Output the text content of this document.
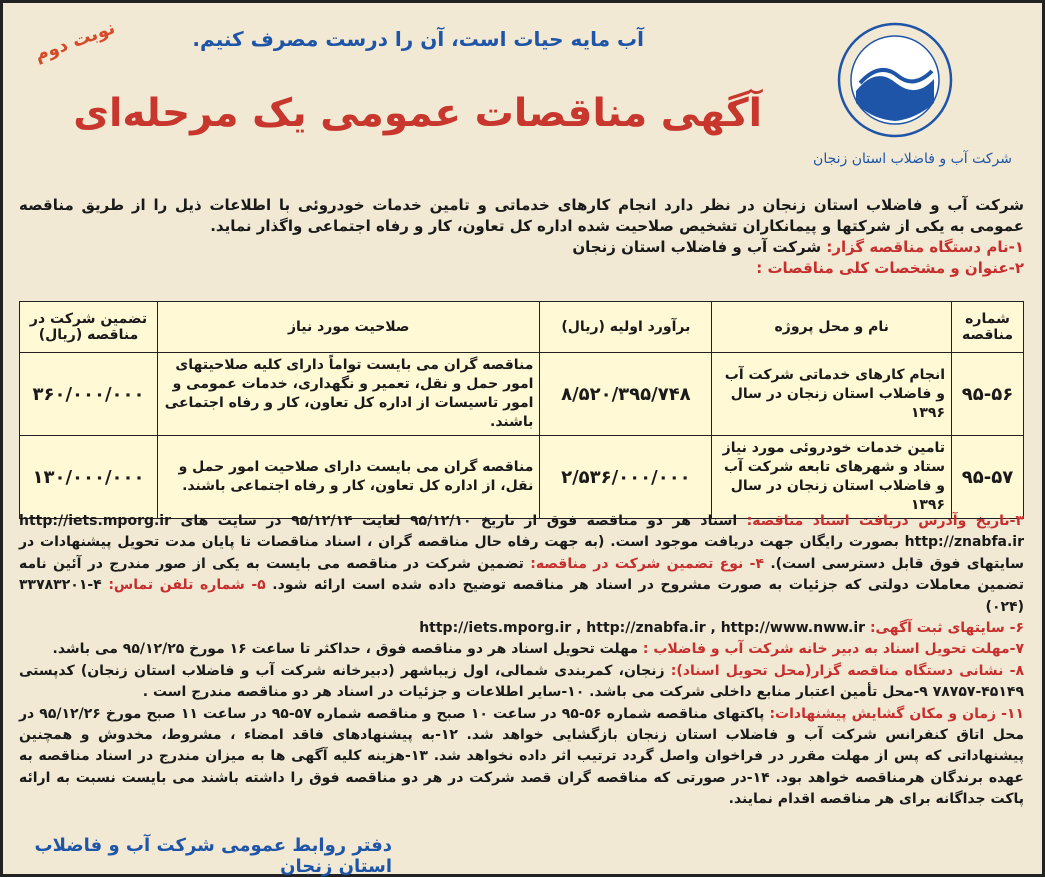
آب مایه حیات است، آن را درست مصرف کنیم.
نوبت دوم
آگهی مناقصات عمومی یک مرحله‌ای
شرکت آب و فاضلاب استان زنجان

شرکت آب و فاضلاب استان زنجان در نظر دارد انجام کارهای خدماتی و تامین خدمات خودروئی با اطلاعات ذیل را از طریق مناقصه عمومی به یکی از شرکتها و پیمانکاران تشخیص صلاحیت شده اداره کل تعاون، کار و رفاه اجتماعی واگذار نماید.

۱-نام دستگاه مناقصه گزار: شرکت آب و فاضلاب استان زنجان

۲-عنوان و مشخصات کلی مناقصات :

شماره مناقصه	نام و محل پروژه	برآورد اولیه (ریال)	صلاحیت مورد نیاز	تضمین شرکت در مناقصه (ریال)
۹۵-۵۶	انجام کارهای خدماتی شرکت آب و فاضلاب استان زنجان در سال ۱۳۹۶	۸/۵۲۰/۳۹۵/۷۴۸	مناقصه گران می بایست تواماً دارای کلیه صلاحیتهای امور حمل و نقل، تعمیر و نگهداری، خدمات عمومی و امور تاسیسات از اداره کل تعاون، کار و رفاه اجتماعی باشند.	۳۶۰/۰۰۰/۰۰۰
۹۵-۵۷	تامین خدمات خودروئی مورد نیاز ستاد و شهرهای تابعه شرکت آب و فاضلاب استان زنجان در سال ۱۳۹۶	۲/۵۳۶/۰۰۰/۰۰۰	مناقصه گران می بایست دارای صلاحیت امور حمل و نقل، از اداره کل تعاون، کار و رفاه اجتماعی باشند.	۱۳۰/۰۰۰/۰۰۰

۳-تاریخ وآدرس دریافت اسناد مناقصه: اسناد هر دو مناقصه فوق از تاریخ ۹۵/۱۲/۱۰ لغایت ۹۵/۱۲/۱۴ در سایت های http://iets.mporg.ir http://znabfa.ir بصورت رایگان جهت دریافت موجود است. (به جهت رفاه حال مناقصه گران ، اسناد مناقصات تا پایان مدت تحویل پیشنهادات در سایتهای فوق قابل دسترسی است). ۴- نوع تضمین شرکت در مناقصه: تضمین شرکت در مناقصه می بایست به یکی از صور مندرج در آئین نامه تضمین معاملات دولتی که جزئیات به صورت مشروح در اسناد هر مناقصه توضیح داده شده است ارائه شود. ۵- شماره تلفن تماس: ۴-۳۳۷۸۳۲۰۱ (۰۲۴)

۶- سایتهای ثبت آگهی: http://iets.mporg.ir , http://znabfa.ir , http://www.nww.ir

۷-مهلت تحویل اسناد به دبیر خانه شرکت آب و فاضلاب : مهلت تحویل اسناد هر دو مناقصه فوق ، حداکثر تا ساعت ۱۶ مورخ ۹۵/۱۲/۲۵ می باشد.

۸- نشانی دستگاه مناقصه گزار(محل تحویل اسناد): زنجان، کمربندی شمالی، اول زیباشهر (دبیرخانه شرکت آب و فاضلاب استان زنجان) کدپستی ۴۵۱۴۹-۷۸۷۵۷ ۹-محل تأمین اعتبار منابع داخلی شرکت می باشد. ۱۰-سایر اطلاعات و جزئیات در اسناد هر دو مناقصه مندرج است .

۱۱- زمان و مکان گشایش پیشنهادات: پاکتهای مناقصه شماره ۵۶-۹۵ در ساعت ۱۰ صبح و مناقصه شماره ۵۷-۹۵ در ساعت ۱۱ صبح مورخ ۹۵/۱۲/۲۶ در محل اتاق کنفرانس شرکت آب و فاضلاب استان زنجان بازگشایی خواهد شد. ۱۲-به پیشنهادهای فاقد امضاء ، مشروط، مخدوش و همچنین پیشنهاداتی که پس از مهلت مقرر در فراخوان واصل گردد ترتیب اثر داده نخواهد شد. ۱۳-هزینه کلیه آگهی ها به میزان مندرج در اسناد مناقصه به عهده برندگان هرمناقصه خواهد بود. ۱۴-در صورتی که مناقصه گران قصد شرکت در هر دو مناقصه فوق را داشته باشند می بایست نسبت به ارائه پاکت جداگانه برای هر مناقصه اقدام نمایند.

دفتر روابط عمومی شرکت آب و فاضلاب استان زنجان
